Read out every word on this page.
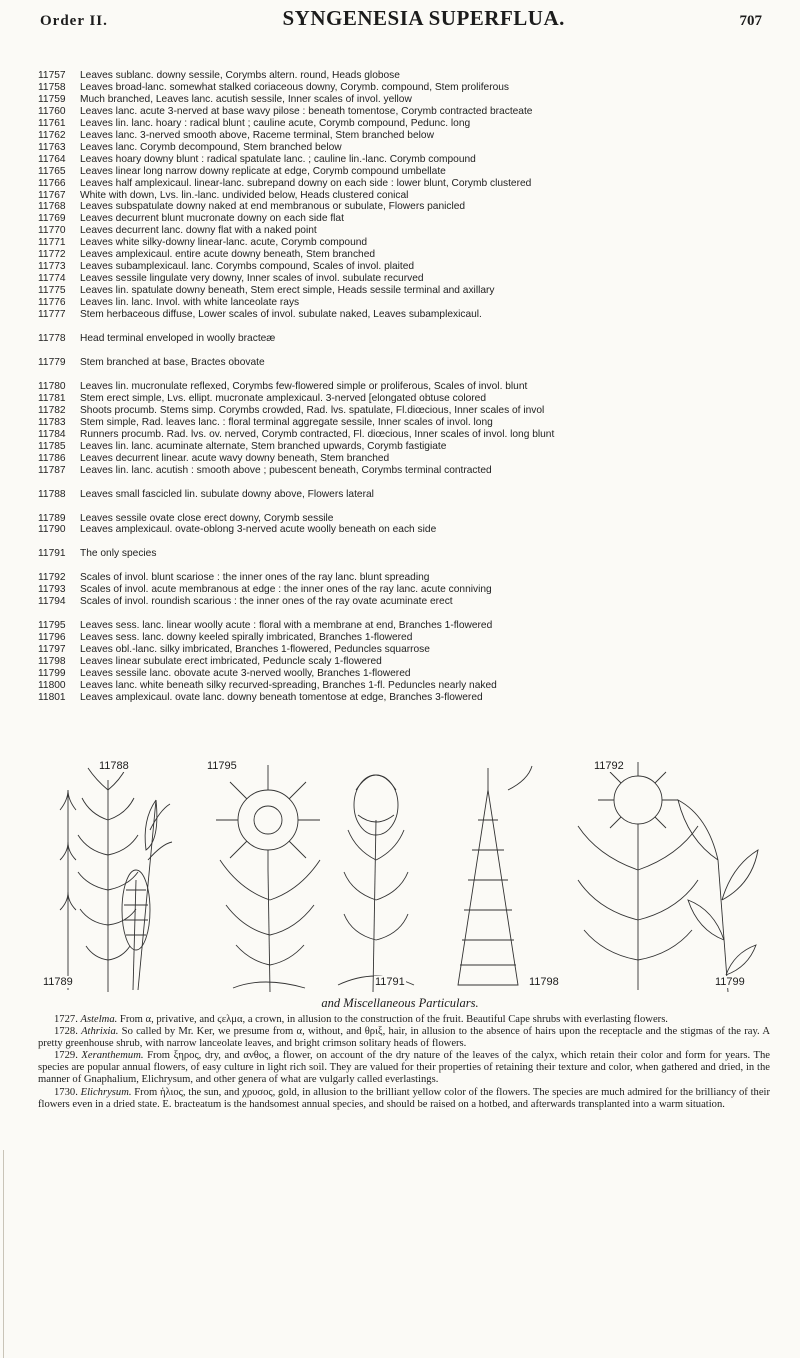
Order II.	SYNGENESIA SUPERFLUA.	707
11757 Leaves sublanc. downy sessile, Corymbs altern. round, Heads globose
11758 Leaves broad-lanc. somewhat stalked coriaceous downy, Corymb. compound, Stem proliferous
11759 Much branched, Leaves lanc. acutish sessile, Inner scales of invol. yellow
11760 Leaves lanc. acute 3-nerved at base wavy pilose : beneath tomentose, Corymb contracted bracteate
11761 Leaves lin. lanc. hoary : radical blunt ; cauline acute, Corymb compound, Pedunc. long
11762 Leaves lanc. 3-nerved smooth above, Raceme terminal, Stem branched below
11763 Leaves lanc. Corymb decompound, Stem branched below
11764 Leaves hoary downy blunt : radical spatulate lanc. ; cauline lin.-lanc. Corymb compound
11765 Leaves linear long narrow downy replicate at edge, Corymb compound umbellate
11766 Leaves half amplexicaul. linear-lanc. subrepand downy on each side : lower blunt, Corymb clustered
11767 White with down, Lvs. lin.-lanc. undivided below, Heads clustered conical
11768 Leaves subspatulate downy naked at end membranous or subulate, Flowers panicled
11769 Leaves decurrent blunt mucronate downy on each side flat
11770 Leaves decurrent lanc. downy flat with a naked point
11771 Leaves white silky-downy linear-lanc. acute, Corymb compound
11772 Leaves amplexicaul. entire acute downy beneath, Stem branched
11773 Leaves subamplexicaul. lanc. Corymbs compound, Scales of invol. plaited
11774 Leaves sessile lingulate very downy, Inner scales of invol. subulate recurved
11775 Leaves lin. spatulate downy beneath, Stem erect simple, Heads sessile terminal and axillary
11776 Leaves lin. lanc. Invol. with white lanceolate rays
11777 Stem herbaceous diffuse, Lower scales of invol. subulate naked, Leaves subamplexicaul.
11778 Head terminal enveloped in woolly bracteæ
11779 Stem branched at base, Bractes obovate
11780 Leaves lin. mucronulate reflexed, Corymbs few-flowered simple or proliferous, Scales of invol. blunt
11781 Stem erect simple, Lvs. ellipt. mucronate amplexicaul. 3-nerved [elongated obtuse colored
11782 Shoots procumb. Stems simp. Corymbs crowded, Rad. lvs. spatulate, Fl.diœcious, Inner scales of invol
11783 Stem simple, Rad. leaves lanc. : floral terminal aggregate sessile, Inner scales of invol. long
11784 Runners procumb. Rad. lvs. ov. nerved, Corymb contracted, Fl. diœcious, Inner scales of invol. long blunt
11785 Leaves lin. lanc. acuminate alternate, Stem branched upwards, Corymb fastigiate
11786 Leaves decurrent linear. acute wavy downy beneath, Stem branched
11787 Leaves lin. lanc. acutish : smooth above ; pubescent beneath, Corymbs terminal contracted
11788 Leaves small fascicled lin. subulate downy above, Flowers lateral
11789 Leaves sessile ovate close erect downy, Corymb sessile
11790 Leaves amplexicaul. ovate-oblong 3-nerved acute woolly beneath on each side
11791 The only species
11792 Scales of invol. blunt scariose : the inner ones of the ray lanc. blunt spreading
11793 Scales of invol. acute membranous at edge : the inner ones of the ray lanc. acute conniving
11794 Scales of invol. roundish scarious : the inner ones of the ray ovate acuminate erect
11795 Leaves sess. lanc. linear woolly acute : floral with a membrane at end, Branches 1-flowered
11796 Leaves sess. lanc. downy keeled spirally imbricated, Branches 1-flowered
11797 Leaves obl.-lanc. silky imbricated, Branches 1-flowered, Peduncles squarrose
11798 Leaves linear subulate erect imbricated, Peduncle scaly 1-flowered
11799 Leaves sessile lanc. obovate acute 3-nerved woolly, Branches 1-flowered
11800 Leaves lanc. white beneath silky recurved-spreading, Branches 1-fl. Peduncles nearly naked
11801 Leaves amplexicaul. ovate lanc. downy beneath tomentose at edge, Branches 3-flowered
11788	11795	11792
11789	11791	11798	11799
and Miscellaneous Particulars.

1727. Astelma. From α, privative, and ϛελμα, a crown, in allusion to the construction of the fruit. Beautiful Cape shrubs with everlasting flowers.

1728. Athrixia. So called by Mr. Ker, we presume from α, without, and θριξ, hair, in allusion to the absence of hairs upon the receptacle and the stigmas of the ray. A pretty greenhouse shrub, with narrow lanceolate leaves, and bright crimson solitary heads of flowers.

1729. Xeranthemum. From ξηρος, dry, and ανθος, a flower, on account of the dry nature of the leaves of the calyx, which retain their color and form for years. The species are popular annual flowers, of easy culture in light rich soil. They are valued for their properties of retaining their texture and color, when gathered and dried, in the manner of Gnaphalium, Elichrysum, and other genera of what are vulgarly called everlastings.

1730. Elichrysum. From ἡλιος, the sun, and χρυσος, gold, in allusion to the brilliant yellow color of the flowers. The species are much admired for the brilliancy of their flowers even in a dried state. E. bracteatum is the handsomest annual species, and should be raised on a hotbed, and afterwards transplanted into a warm situation.
